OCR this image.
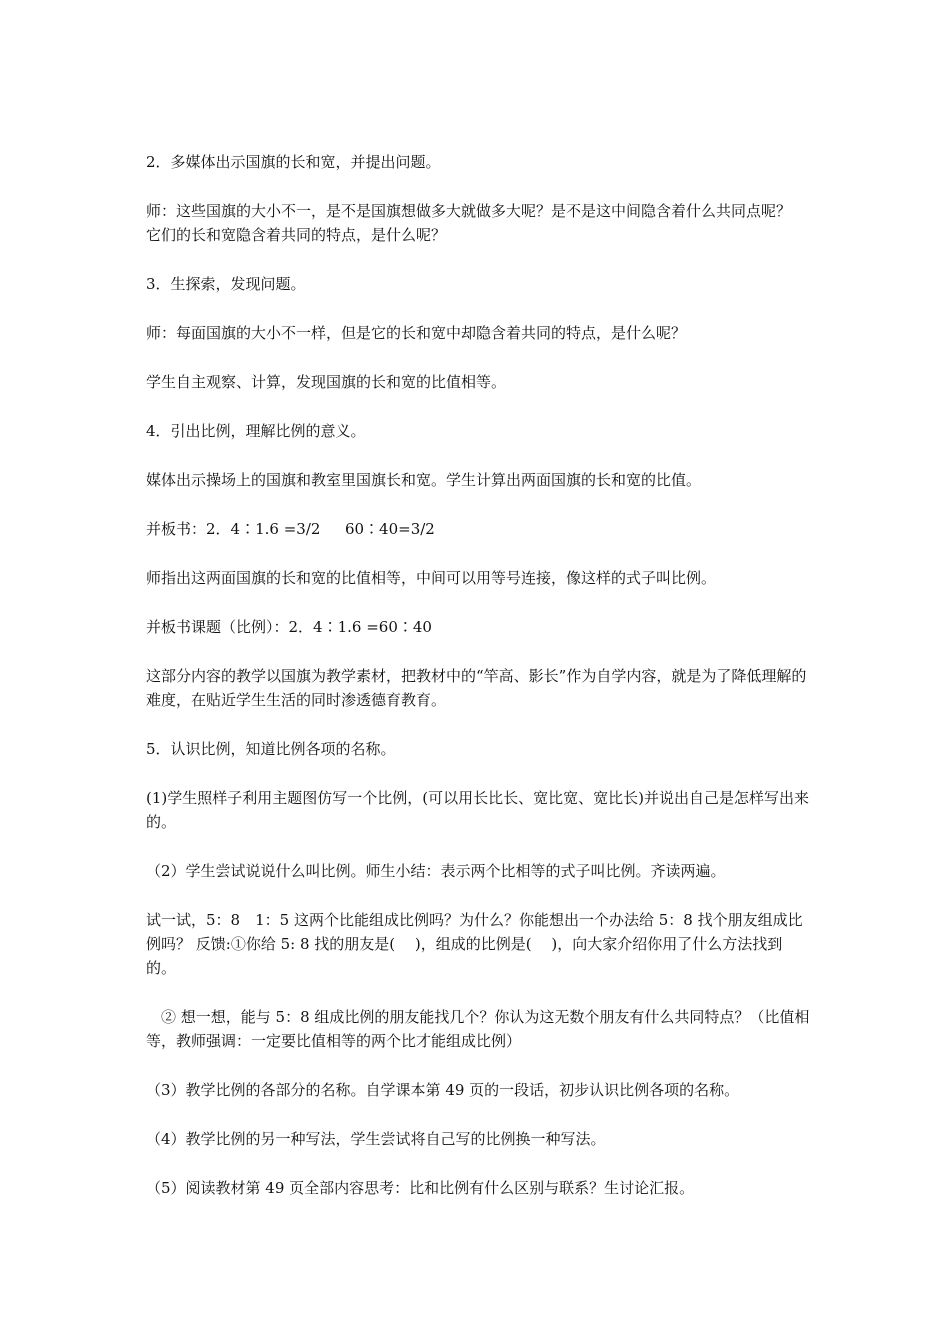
2．多媒体出示国旗的长和宽，并提出问题。

师：这些国旗的大小不一，是不是国旗想做多大就做多大呢？是不是这中间隐含着什么共同点呢？　它们的长和宽隐含着共同的特点，是什么呢？

3．生探索，发现问题。

师：每面国旗的大小不一样，但是它的长和宽中却隐含着共同的特点，是什么呢？

学生自主观察、计算，发现国旗的长和宽的比值相等。

4．引出比例，理解比例的意义。

媒体出示操场上的国旗和教室里国旗长和宽。学生计算出两面国旗的长和宽的比值。

并板书：2．4∶1.6 =3/2　  60∶40=3/2

师指出这两面国旗的长和宽的比值相等，中间可以用等号连接，像这样的式子叫比例。

并板书课题（比例）：2．4∶1.6 =60∶40

这部分内容的教学以国旗为教学素材，把教材中的“竿高、影长”作为自学内容，就是为了降低理解的难度，在贴近学生生活的同时渗透德育教育。

5．认识比例，知道比例各项的名称。

(1)学生照样子利用主题图仿写一个比例，(可以用长比长、宽比宽、宽比长)并说出自己是怎样写出来的。

（2）学生尝试说说什么叫比例。师生小结：表示两个比相等的式子叫比例。齐读两遍。

试一试，5：8　1：5 这两个比能组成比例吗？为什么？你能想出一个办法给 5：8 找个朋友组成比例吗？ 反馈:①你给 5: 8 找的朋友是(　 )，组成的比例是(　 )，向大家介绍你用了什么方法找到的。

　② 想一想，能与 5：8 组成比例的朋友能找几个？你认为这无数个朋友有什么共同特点？（比值相等，教师强调：一定要比值相等的两个比才能组成比例）

（3）教学比例的各部分的名称。自学课本第 49 页的一段话，初步认识比例各项的名称。

（4）教学比例的另一种写法，学生尝试将自己写的比例换一种写法。

（5）阅读教材第 49 页全部内容思考：比和比例有什么区别与联系？生讨论汇报。
